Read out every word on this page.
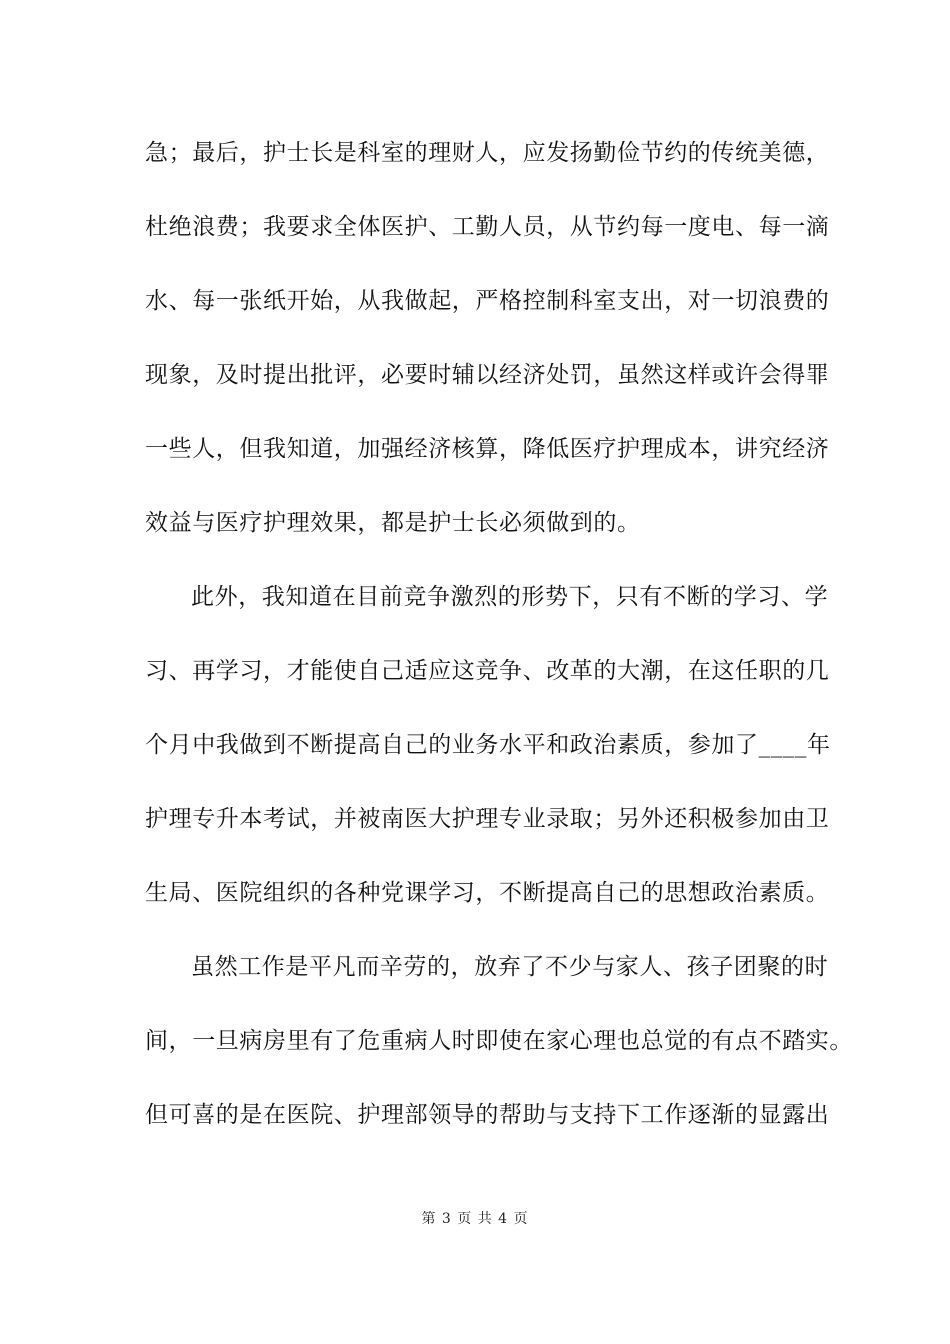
急；最后，护士长是科室的理财人，应发扬勤俭节约的传统美德，
杜绝浪费；我要求全体医护、工勤人员，从节约每一度电、每一滴
水、每一张纸开始，从我做起，严格控制科室支出，对一切浪费的
现象，及时提出批评，必要时辅以经济处罚，虽然这样或许会得罪
一些人，但我知道，加强经济核算，降低医疗护理成本，讲究经济
效益与医疗护理效果，都是护士长必须做到的。
此外，我知道在目前竞争激烈的形势下，只有不断的学习、学
习、再学习，才能使自己适应这竞争、改革的大潮，在这任职的几
个月中我做到不断提高自己的业务水平和政治素质，参加了____年
护理专升本考试，并被南医大护理专业录取；另外还积极参加由卫
生局、医院组织的各种党课学习，不断提高自己的思想政治素质。
虽然工作是平凡而辛劳的，放弃了不少与家人、孩子团聚的时
间，一旦病房里有了危重病人时即使在家心理也总觉的有点不踏实。
但可喜的是在医院、护理部领导的帮助与支持下工作逐渐的显露出
第 3 页 共 4 页
